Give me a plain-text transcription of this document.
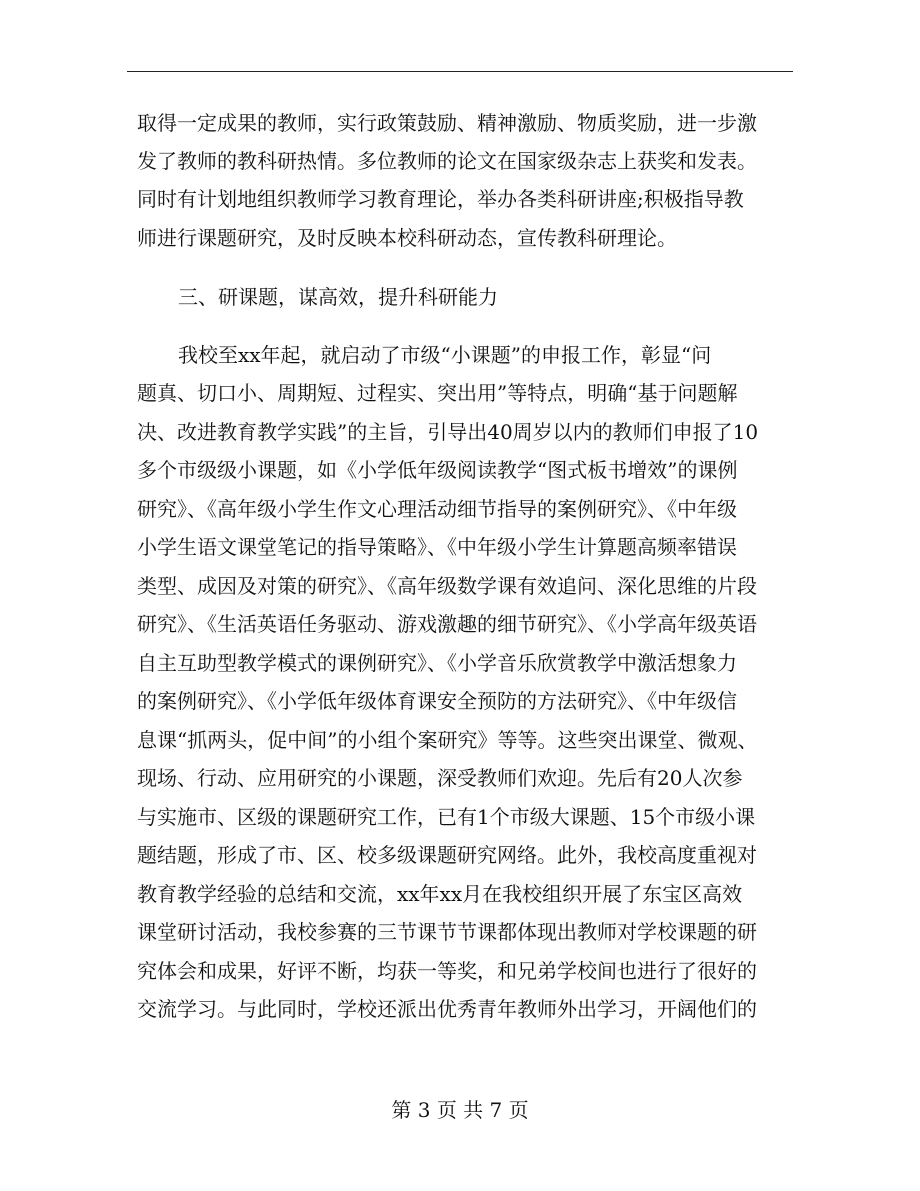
取得一定成果的教师，实行政策鼓励、精神激励、物质奖励，进一步激
发了教师的教科研热情。多位教师的论文在国家级杂志上获奖和发表。
同时有计划地组织教师学习教育理论，举办各类科研讲座;积极指导教
师进行课题研究，及时反映本校科研动态，宣传教科研理论。
三、研课题，谋高效，提升科研能力
我校至xx年起，就启动了市级“小课题”的申报工作，彰显“问
题真、切口小、周期短、过程实、突出用”等特点，明确“基于问题解
决、改进教育教学实践”的主旨，引导出40周岁以内的教师们申报了10
多个市级级小课题，如《小学低年级阅读教学“图式板书增效”的课例
研究》、《高年级小学生作文心理活动细节指导的案例研究》、《中年级
小学生语文课堂笔记的指导策略》、《中年级小学生计算题高频率错误
类型、成因及对策的研究》、《高年级数学课有效追问、深化思维的片段
研究》、《生活英语任务驱动、游戏激趣的细节研究》、《小学高年级英语
自主互助型教学模式的课例研究》、《小学音乐欣赏教学中激活想象力
的案例研究》、《小学低年级体育课安全预防的方法研究》、《中年级信
息课“抓两头，促中间”的小组个案研究》等等。这些突出课堂、微观、
现场、行动、应用研究的小课题，深受教师们欢迎。先后有20人次参
与实施市、区级的课题研究工作，已有1个市级大课题、15个市级小课
题结题，形成了市、区、校多级课题研究网络。此外，我校高度重视对
教育教学经验的总结和交流，xx年xx月在我校组织开展了东宝区高效
课堂研讨活动，我校参赛的三节课节节课都体现出教师对学校课题的研
究体会和成果，好评不断，均获一等奖，和兄弟学校间也进行了很好的
交流学习。与此同时，学校还派出优秀青年教师外出学习，开阔他们的
第 3 页 共 7 页
